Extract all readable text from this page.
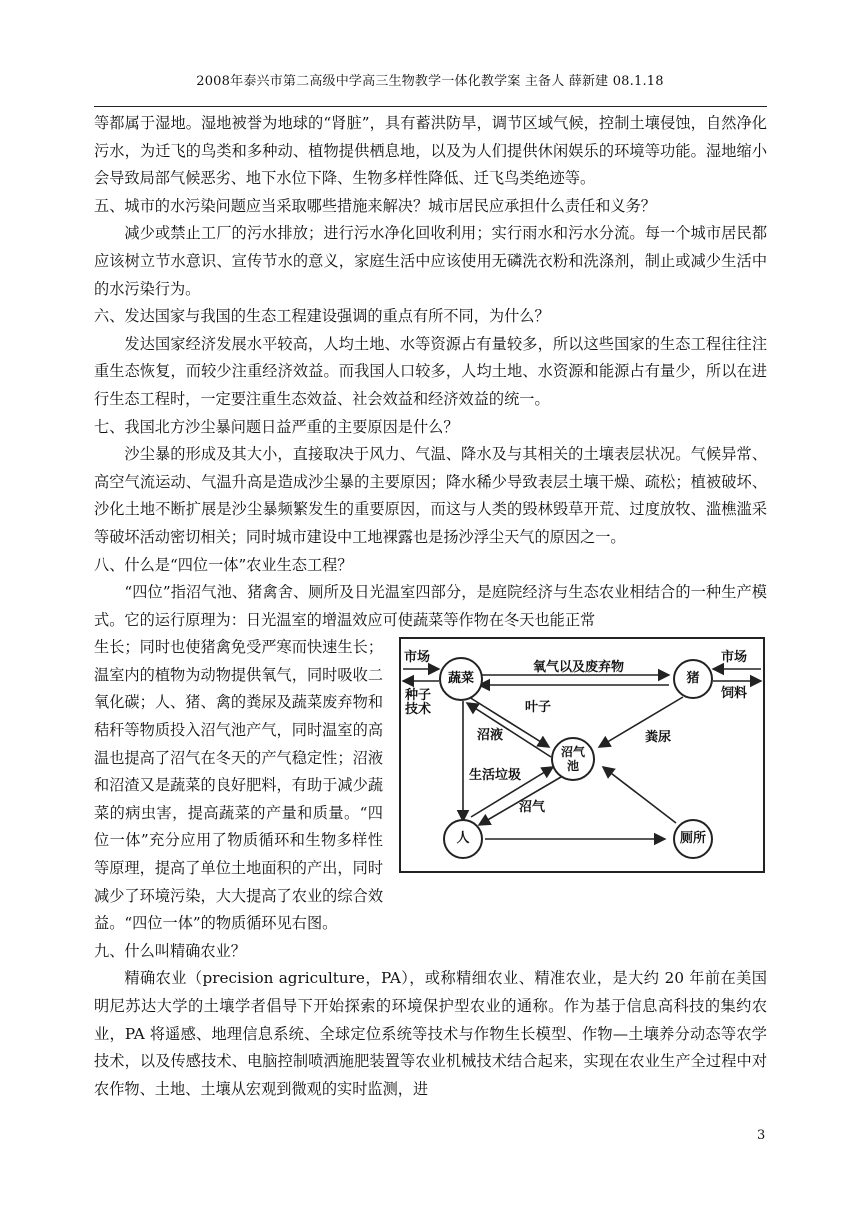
2008年泰兴市第二高级中学高三生物教学一体化教学案 主备人 薛新建 08.1.18

等都属于湿地。湿地被誉为地球的“肾脏”，具有蓄洪防旱，调节区域气候，控制土壤侵蚀，自然净化污水，为迁飞的鸟类和多种动、植物提供栖息地，以及为人们提供休闲娱乐的环境等功能。湿地缩小会导致局部气候恶劣、地下水位下降、生物多样性降低、迁飞鸟类绝迹等。

五、城市的水污染问题应当采取哪些措施来解决？城市居民应承担什么责任和义务？

减少或禁止工厂的污水排放；进行污水净化回收利用；实行雨水和污水分流。每一个城市居民都应该树立节水意识、宣传节水的意义，家庭生活中应该使用无磷洗衣粉和洗涤剂，制止或减少生活中的水污染行为。

六、发达国家与我国的生态工程建设强调的重点有所不同，为什么？

发达国家经济发展水平较高，人均土地、水等资源占有量较多，所以这些国家的生态工程往往注重生态恢复，而较少注重经济效益。而我国人口较多，人均土地、水资源和能源占有量少，所以在进行生态工程时，一定要注重生态效益、社会效益和经济效益的统一。

七、我国北方沙尘暴问题日益严重的主要原因是什么？

沙尘暴的形成及其大小，直接取决于风力、气温、降水及与其相关的土壤表层状况。气候异常、高空气流运动、气温升高是造成沙尘暴的主要原因；降水稀少导致表层土壤干燥、疏松；植被破坏、沙化土地不断扩展是沙尘暴频繁发生的重要原因，而这与人类的毁林毁草开荒、过度放牧、滥樵滥采等破坏活动密切相关；同时城市建设中工地裸露也是扬沙浮尘天气的原因之一。

八、什么是“四位一体”农业生态工程？

“四位”指沼气池、猪禽舍、厕所及日光温室四部分，是庭院经济与生态农业相结合的一种生产模式。它的运行原理为：日光温室的增温效应可使蔬菜等作物在冬天也能正常

蔬菜	猪
沼气池
人	厕所
市场
种子技术
氧气以及废弃物
市场
饲料
叶子
沼液	粪尿
生活垃圾
沼气

生长；同时也使猪禽免受严寒而快速生长；温室内的植物为动物提供氧气，同时吸收二氧化碳；人、猪、禽的粪尿及蔬菜废弃物和秸秆等物质投入沼气池产气，同时温室的高温也提高了沼气在冬天的产气稳定性；沼液和沼渣又是蔬菜的良好肥料，有助于减少蔬菜的病虫害，提高蔬菜的产量和质量。“四位一体”充分应用了物质循环和生物多样性等原理，提高了单位土地面积的产出，同时减少了环境污染，大大提高了农业的综合效益。“四位一体”的物质循环见右图。

九、什么叫精确农业？

精确农业（precision agriculture，PA），或称精细农业、精准农业，是大约 20 年前在美国明尼苏达大学的土壤学者倡导下开始探索的环境保护型农业的通称。作为基于信息高科技的集约农业，PA 将遥感、地理信息系统、全球定位系统等技术与作物生长模型、作物—土壤养分动态等农学技术，以及传感技术、电脑控制喷洒施肥装置等农业机械技术结合起来，实现在农业生产全过程中对农作物、土地、土壤从宏观到微观的实时监测，进

3
